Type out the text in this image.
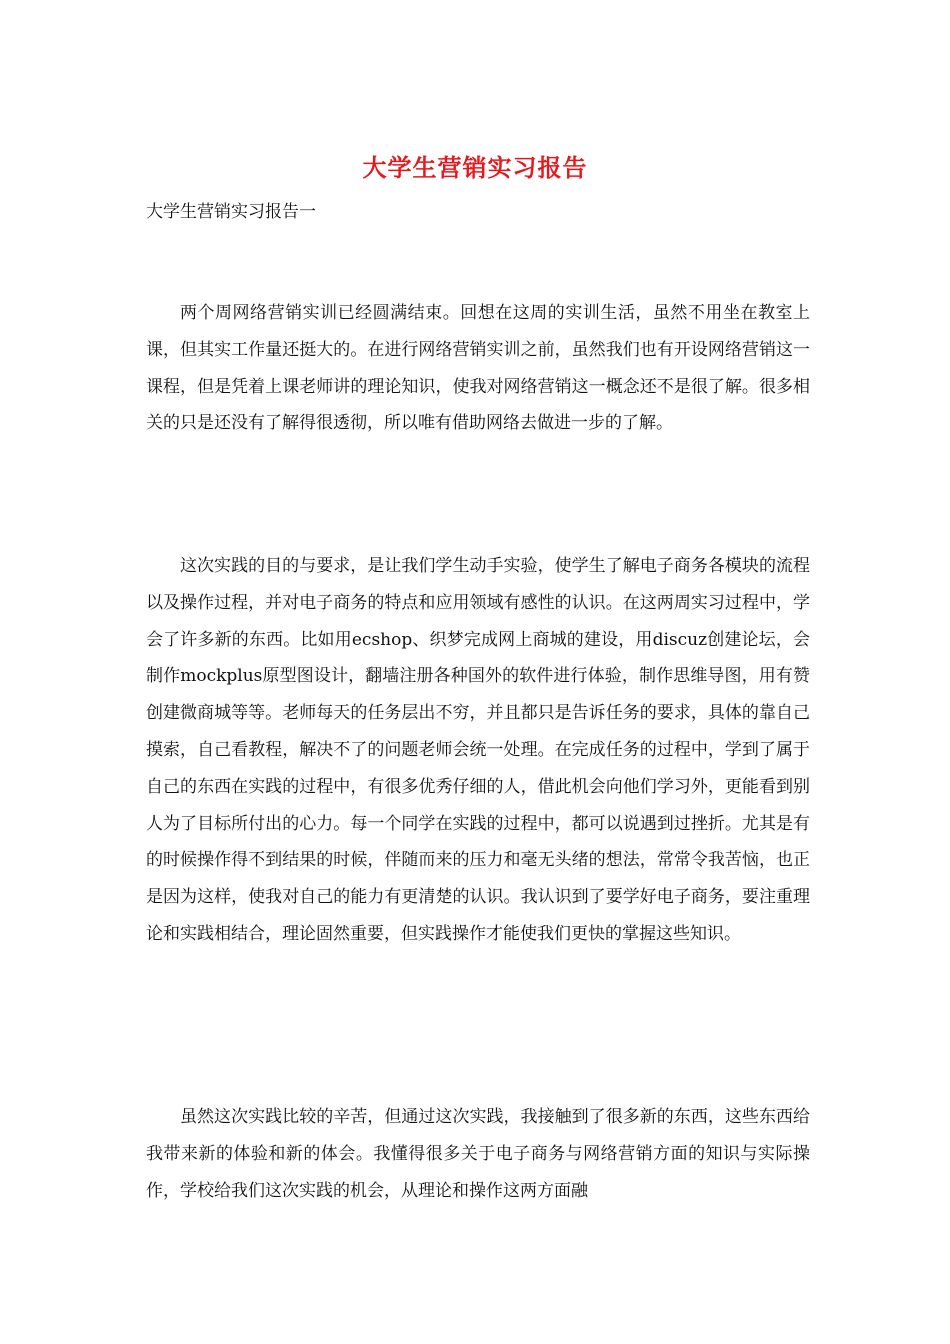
大学生营销实习报告
大学生营销实习报告一

两个周网络营销实训已经圆满结束。回想在这周的实训生活，虽然不用坐在教室上课，但其实工作量还挺大的。在进行网络营销实训之前，虽然我们也有开设网络营销这一课程，但是凭着上课老师讲的理论知识，使我对网络营销这一概念还不是很了解。很多相关的只是还没有了解得很透彻，所以唯有借助网络去做进一步的了解。

这次实践的目的与要求，是让我们学生动手实验，使学生了解电子商务各模块的流程以及操作过程，并对电子商务的特点和应用领域有感性的认识。在这两周实习过程中，学会了许多新的东西。比如用ecshop、织梦完成网上商城的建设，用discuz创建论坛，会制作mockplus原型图设计，翻墙注册各种国外的软件进行体验，制作思维导图，用有赞创建微商城等等。老师每天的任务层出不穷，并且都只是告诉任务的要求，具体的靠自己摸索，自己看教程，解决不了的问题老师会统一处理。在完成任务的过程中，学到了属于自己的东西在实践的过程中，有很多优秀仔细的人，借此机会向他们学习外，更能看到别人为了目标所付出的心力。每一个同学在实践的过程中，都可以说遇到过挫折。尤其是有的时候操作得不到结果的时候，伴随而来的压力和毫无头绪的想法，常常令我苦恼，也正是因为这样，使我对自己的能力有更清楚的认识。我认识到了要学好电子商务，要注重理论和实践相结合，理论固然重要，但实践操作才能使我们更快的掌握这些知识。

虽然这次实践比较的辛苦，但通过这次实践，我接触到了很多新的东西，这些东西给我带来新的体验和新的体会。我懂得很多关于电子商务与网络营销方面的知识与实际操作，学校给我们这次实践的机会，从理论和操作这两方面融
